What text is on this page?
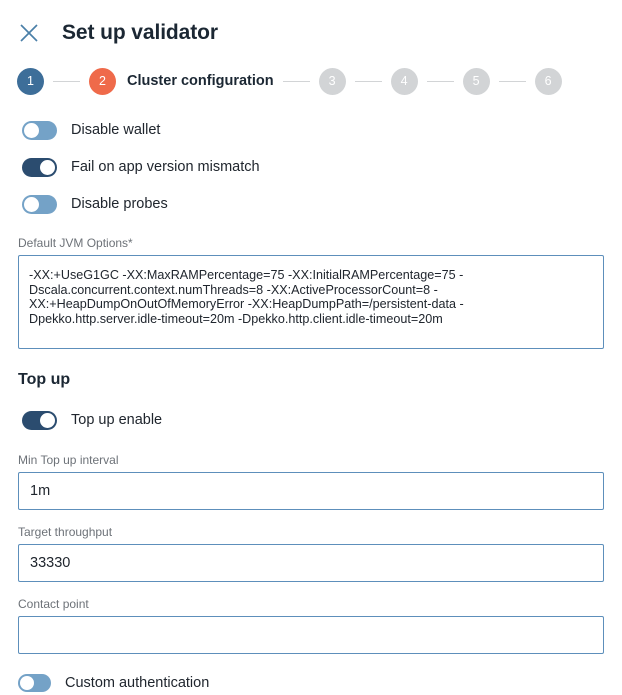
Set up validator
1	2	Cluster configuration	3	4	5	6
Disable wallet
Fail on app version mismatch
Disable probes
Default JVM Options*
-XX:+UseG1GC -XX:MaxRAMPercentage=75 -XX:InitialRAMPercentage=75 -Dscala.concurrent.context.numThreads=8 -XX:ActiveProcessorCount=8 -XX:+HeapDumpOnOutOfMemoryError -XX:HeapDumpPath=/persistent-data -Dpekko.http.server.idle-timeout=20m -Dpekko.http.client.idle-timeout=20m
Top up
Top up enable
Min Top up interval
1m
Target throughput
33330
Contact point
Custom authentication
